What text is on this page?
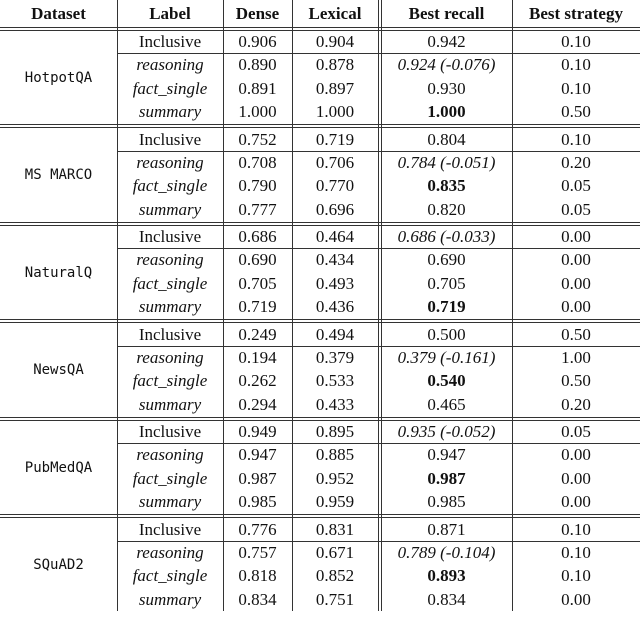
Dataset	Label	Dense	Lexical	Best recall	Best strategy
HotpotQA
Inclusive	0.906	0.904	0.942	0.10
reasoning	0.890	0.878	0.924 (-0.076)	0.10
fact_single	0.891	0.897	0.930	0.10
summary	1.000	1.000	1.000	0.50
MS MARCO
Inclusive	0.752	0.719	0.804	0.10
reasoning	0.708	0.706	0.784 (-0.051)	0.20
fact_single	0.790	0.770	0.835	0.05
summary	0.777	0.696	0.820	0.05
NaturalQ
Inclusive	0.686	0.464	0.686 (-0.033)	0.00
reasoning	0.690	0.434	0.690	0.00
fact_single	0.705	0.493	0.705	0.00
summary	0.719	0.436	0.719	0.00
NewsQA
Inclusive	0.249	0.494	0.500	0.50
reasoning	0.194	0.379	0.379 (-0.161)	1.00
fact_single	0.262	0.533	0.540	0.50
summary	0.294	0.433	0.465	0.20
PubMedQA
Inclusive	0.949	0.895	0.935 (-0.052)	0.05
reasoning	0.947	0.885	0.947	0.00
fact_single	0.987	0.952	0.987	0.00
summary	0.985	0.959	0.985	0.00
SQuAD2
Inclusive	0.776	0.831	0.871	0.10
reasoning	0.757	0.671	0.789 (-0.104)	0.10
fact_single	0.818	0.852	0.893	0.10
summary	0.834	0.751	0.834	0.00
